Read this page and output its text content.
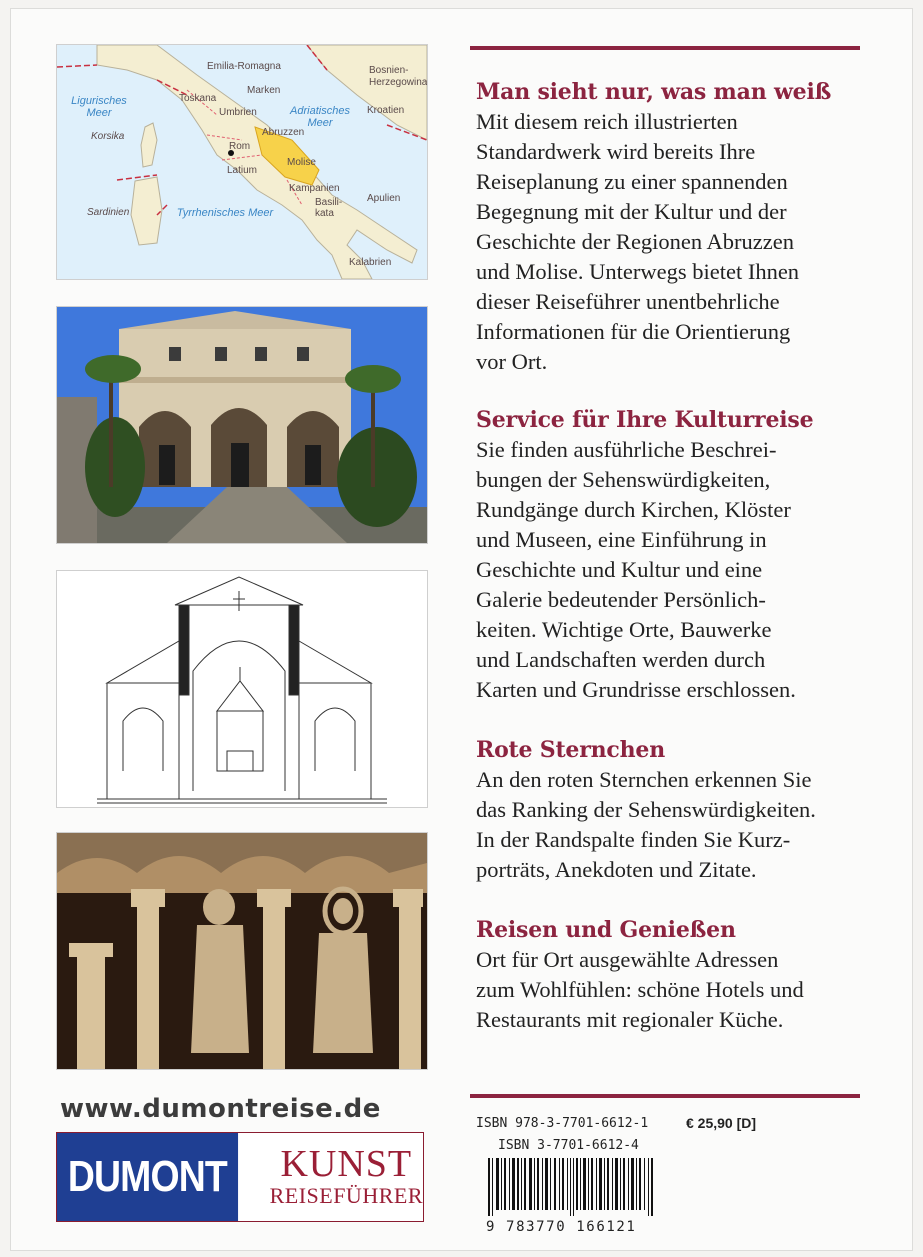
Emilia-Romagna
Marken
Toskana
Umbrien
Abruzzen
Rom
Molise
Latium
Kampanien
Basili-kata
Apulien
Kalabrien
Korsika
Sardinien
Bosnien-Herzegowina
Kroatien
Ligurisches Meer	Adriatisches Meer
Tyrrhenisches Meer
Man sieht nur, was man weiß
Mit diesem reich illustrierten
Standardwerk wird bereits Ihre
Reiseplanung zu einer spannenden
Begegnung mit der Kultur und der
Geschichte der Regionen Abruzzen
und Molise. Unterwegs bietet Ihnen
dieser Reiseführer unentbehrliche
Informationen für die Orientierung
vor Ort.
Service für Ihre Kulturreise
Sie finden ausführliche Beschrei-
bungen der Sehenswürdigkeiten,
Rundgänge durch Kirchen, Klöster
und Museen, eine Einführung in
Geschichte und Kultur und eine
Galerie bedeutender Persönlich-
keiten. Wichtige Orte, Bauwerke
und Landschaften werden durch
Karten und Grundrisse erschlossen.
Rote Sternchen
An den roten Sternchen erkennen Sie
das Ranking der Sehenswürdigkeiten.
In der Randspalte finden Sie Kurz-
porträts, Anekdoten und Zitate.
Reisen und Genießen
Ort für Ort ausgewählte Adressen
zum Wohlfühlen: schöne Hotels und
Restaurants mit regionaler Küche.
www.dumontreise.de
DUMONT KUNST
REISEFÜHRER
ISBN 978-3-7701-6612-1	€ 25,90 [D]
ISBN 3-7701-6612-4
9 783770 166121
